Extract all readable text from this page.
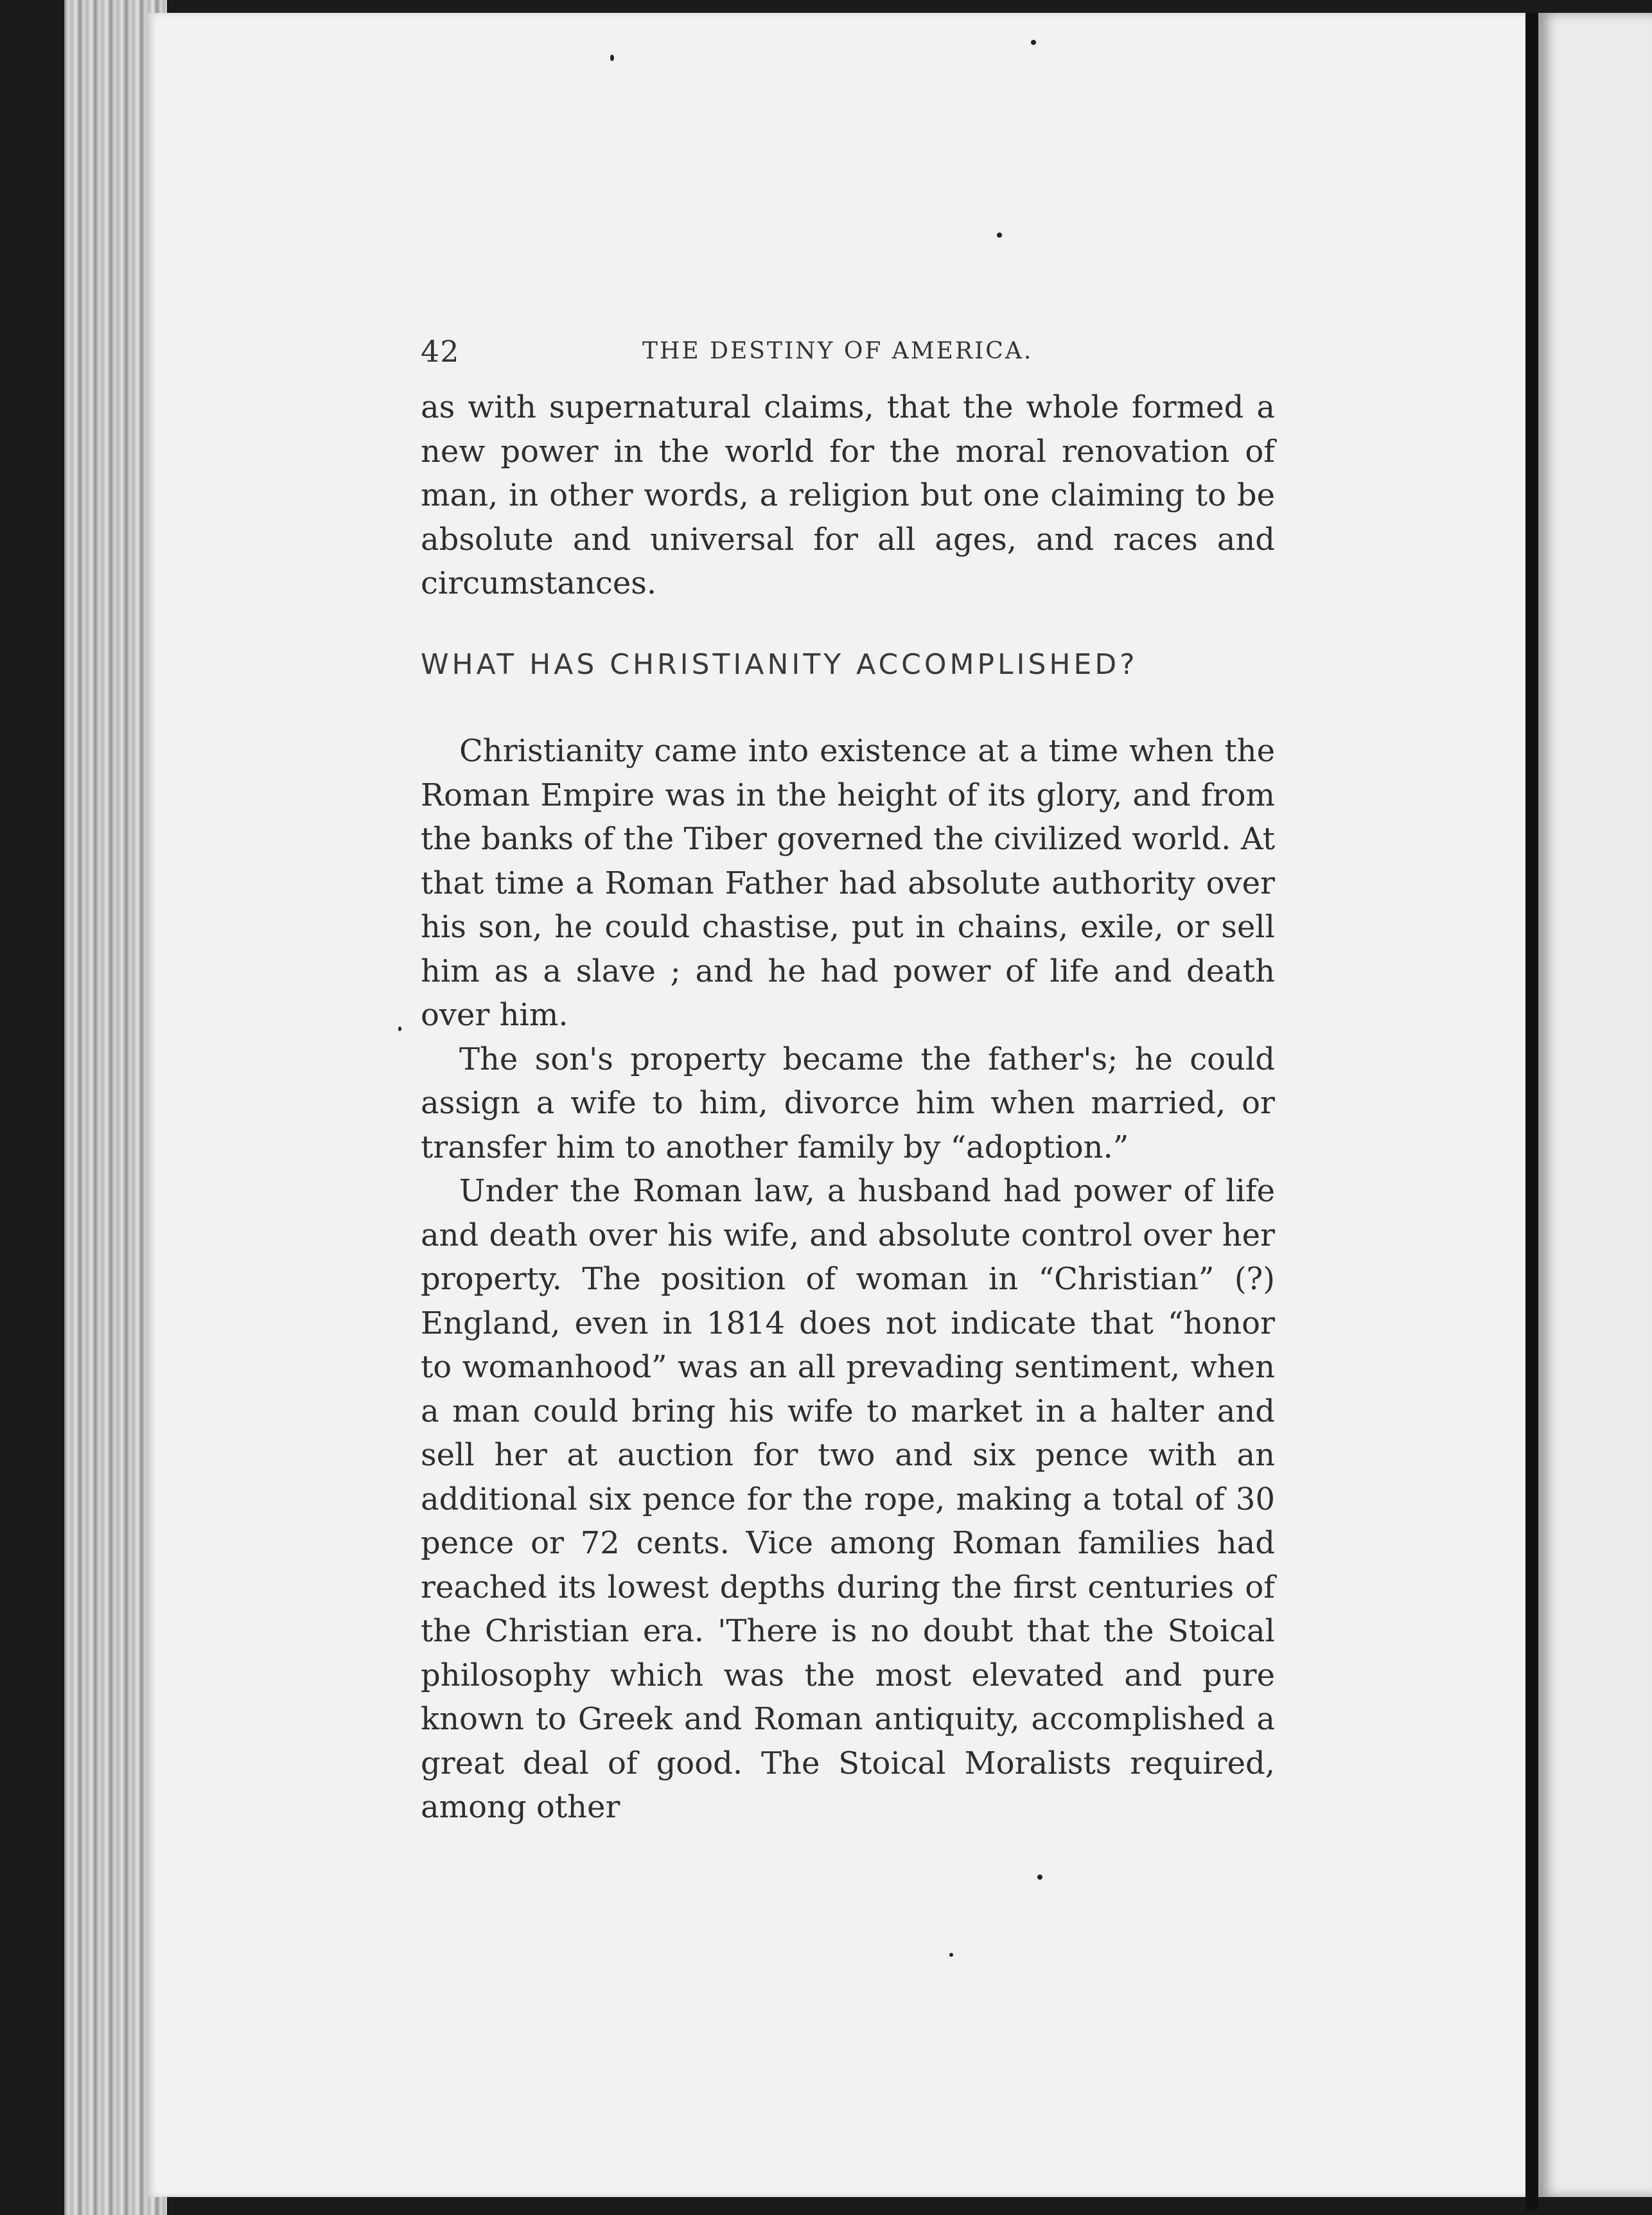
42	THE DESTINY OF AMERICA.

as with supernatural claims, that the whole formed a new power in the world for the moral renovation of man, in other words, a religion but one claiming to be absolute and universal for all ages, and races and circumstances.

WHAT HAS CHRISTIANITY ACCOMPLISHED?

Christianity came into existence at a time when the Roman Empire was in the height of its glory, and from the banks of the Tiber governed the civilized world. At that time a Roman Father had absolute authority over his son, he could chastise, put in chains, exile, or sell him as a slave ; and he had power of life and death over him.

The son's property became the father's; he could assign a wife to him, divorce him when married, or transfer him to another family by “adoption.”

Under the Roman law, a husband had power of life and death over his wife, and absolute control over her property. The position of woman in “Christian” (?) England, even in 1814 does not indicate that “honor to womanhood” was an all prevading sentiment, when a man could bring his wife to market in a halter and sell her at auction for two and six pence with an additional six pence for the rope, making a total of 30 pence or 72 cents. Vice among Roman families had reached its lowest depths during the first centuries of the Christian era. 'There is no doubt that the Stoical philosophy which was the most elevated and pure known to Greek and Roman antiquity, accomplished a great deal of good. The Stoical Moralists required, among other
